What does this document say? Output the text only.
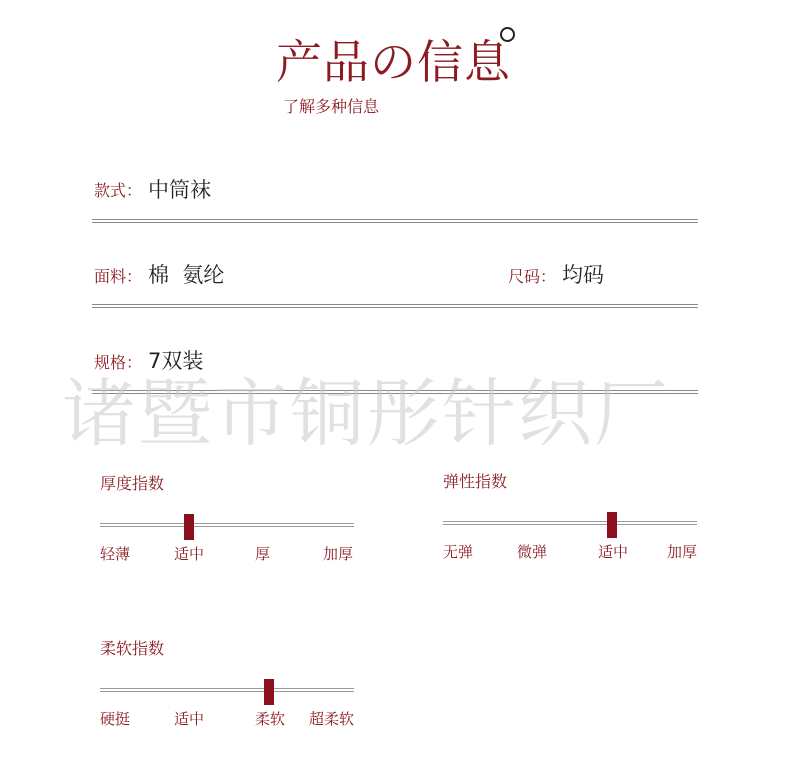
产品の信息
了解多种信息
款式： 中筒袜
面料： 棉  氨纶	尺码： 均码
规格： 7双装
诸暨市铜彤针织厂
厚度指数
轻薄	适中	厚	加厚
弹性指数
无弹	微弹	适中	加厚
柔软指数
硬挺	适中	柔软 超柔软
